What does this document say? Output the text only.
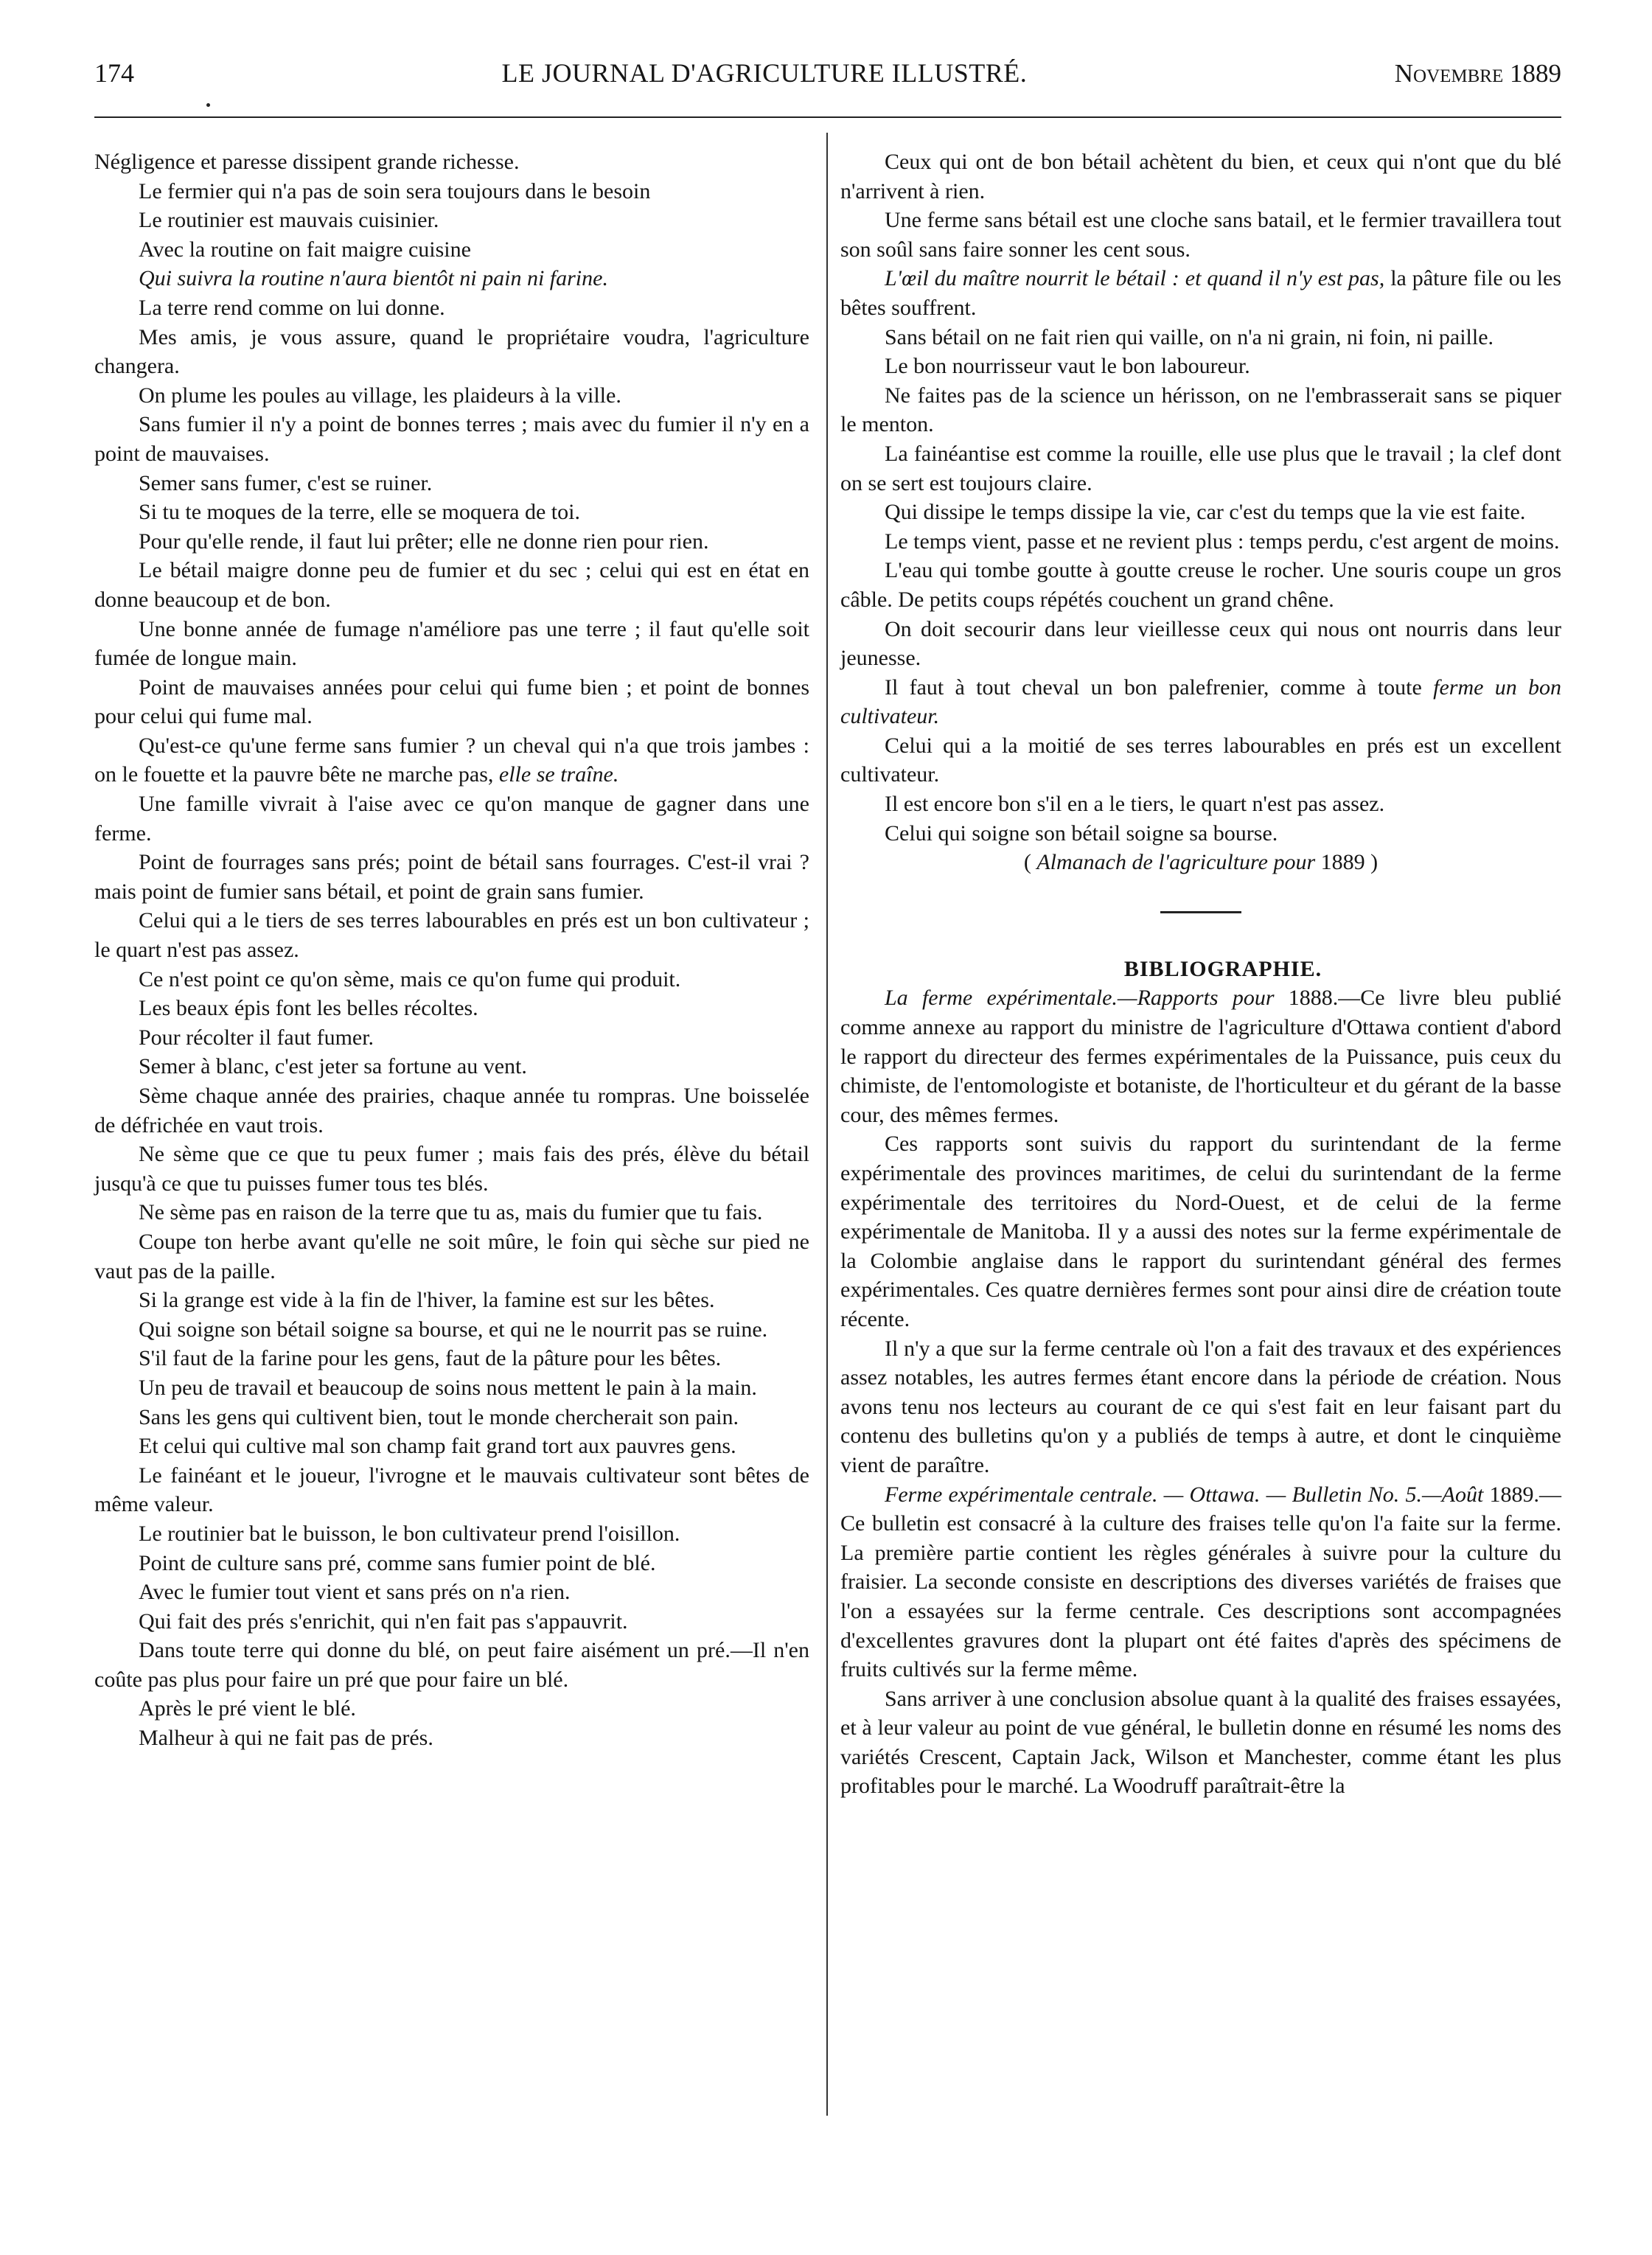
174	LE JOURNAL D'AGRICULTURE ILLUSTRÉ.	Novembre 1889

Négligence et paresse dissipent grande richesse.

Le fermier qui n'a pas de soin sera toujours dans le besoin

Le routinier est mauvais cuisinier.

Avec la routine on fait maigre cuisine

Qui suivra la routine n'aura bientôt ni pain ni farine.

La terre rend comme on lui donne.

Mes amis, je vous assure, quand le propriétaire voudra, l'agriculture changera.

On plume les poules au village, les plaideurs à la ville.

Sans fumier il n'y a point de bonnes terres ; mais avec du fumier il n'y en a point de mauvaises.

Semer sans fumer, c'est se ruiner.

Si tu te moques de la terre, elle se moquera de toi.

Pour qu'elle rende, il faut lui prêter; elle ne donne rien pour rien.

Le bétail maigre donne peu de fumier et du sec ; celui qui est en état en donne beaucoup et de bon.

Une bonne année de fumage n'améliore pas une terre ; il faut qu'elle soit fumée de longue main.

Point de mauvaises années pour celui qui fume bien ; et point de bonnes pour celui qui fume mal.

Qu'est-ce qu'une ferme sans fumier ? un cheval qui n'a que trois jambes : on le fouette et la pauvre bête ne marche pas, elle se traîne.

Une famille vivrait à l'aise avec ce qu'on manque de gagner dans une ferme.

Point de fourrages sans prés; point de bétail sans fourrages. C'est-il vrai ? mais point de fumier sans bétail, et point de grain sans fumier.

Celui qui a le tiers de ses terres labourables en prés est un bon cultivateur ; le quart n'est pas assez.

Ce n'est point ce qu'on sème, mais ce qu'on fume qui produit.

Les beaux épis font les belles récoltes.

Pour récolter il faut fumer.

Semer à blanc, c'est jeter sa fortune au vent.

Sème chaque année des prairies, chaque année tu rompras. Une boisselée de défrichée en vaut trois.

Ne sème que ce que tu peux fumer ; mais fais des prés, élève du bétail jusqu'à ce que tu puisses fumer tous tes blés.

Ne sème pas en raison de la terre que tu as, mais du fumier que tu fais.

Coupe ton herbe avant qu'elle ne soit mûre, le foin qui sèche sur pied ne vaut pas de la paille.

Si la grange est vide à la fin de l'hiver, la famine est sur les bêtes.

Qui soigne son bétail soigne sa bourse, et qui ne le nourrit pas se ruine.

S'il faut de la farine pour les gens, faut de la pâture pour les bêtes.

Un peu de travail et beaucoup de soins nous mettent le pain à la main.

Sans les gens qui cultivent bien, tout le monde chercherait son pain.

Et celui qui cultive mal son champ fait grand tort aux pauvres gens.

Le fainéant et le joueur, l'ivrogne et le mauvais cultivateur sont bêtes de même valeur.

Le routinier bat le buisson, le bon cultivateur prend l'oisillon.

Point de culture sans pré, comme sans fumier point de blé.

Avec le fumier tout vient et sans prés on n'a rien.

Qui fait des prés s'enrichit, qui n'en fait pas s'appauvrit.

Dans toute terre qui donne du blé, on peut faire aisément un pré.—Il n'en coûte pas plus pour faire un pré que pour faire un blé.

Après le pré vient le blé.

Malheur à qui ne fait pas de prés.

Ceux qui ont de bon bétail achètent du bien, et ceux qui n'ont que du blé n'arrivent à rien.

Une ferme sans bétail est une cloche sans batail, et le fermier travaillera tout son soûl sans faire sonner les cent sous.

L'œil du maître nourrit le bétail : et quand il n'y est pas, la pâture file ou les bêtes souffrent.

Sans bétail on ne fait rien qui vaille, on n'a ni grain, ni foin, ni paille.

Le bon nourrisseur vaut le bon laboureur.

Ne faites pas de la science un hérisson, on ne l'embrasserait sans se piquer le menton.

La fainéantise est comme la rouille, elle use plus que le travail ; la clef dont on se sert est toujours claire.

Qui dissipe le temps dissipe la vie, car c'est du temps que la vie est faite.

Le temps vient, passe et ne revient plus : temps perdu, c'est argent de moins.

L'eau qui tombe goutte à goutte creuse le rocher. Une souris coupe un gros câble. De petits coups répétés couchent un grand chêne.

On doit secourir dans leur vieillesse ceux qui nous ont nourris dans leur jeunesse.

Il faut à tout cheval un bon palefrenier, comme à toute ferme un bon cultivateur.

Celui qui a la moitié de ses terres labourables en prés est un excellent cultivateur.

Il est encore bon s'il en a le tiers, le quart n'est pas assez.

Celui qui soigne son bétail soigne sa bourse.

( Almanach de l'agriculture pour 1889 )

BIBLIOGRAPHIE.

La ferme expérimentale.—Rapports pour 1888.—Ce livre bleu publié comme annexe au rapport du ministre de l'agriculture d'Ottawa contient d'abord le rapport du directeur des fermes expérimentales de la Puissance, puis ceux du chimiste, de l'entomologiste et botaniste, de l'horticulteur et du gérant de la basse cour, des mêmes fermes.

Ces rapports sont suivis du rapport du surintendant de la ferme expérimentale des provinces maritimes, de celui du surintendant de la ferme expérimentale des territoires du Nord-Ouest, et de celui de la ferme expérimentale de Manitoba. Il y a aussi des notes sur la ferme expérimentale de la Colombie anglaise dans le rapport du surintendant général des fermes expérimentales. Ces quatre dernières fermes sont pour ainsi dire de création toute récente.

Il n'y a que sur la ferme centrale où l'on a fait des travaux et des expériences assez notables, les autres fermes étant encore dans la période de création. Nous avons tenu nos lecteurs au courant de ce qui s'est fait en leur faisant part du contenu des bulletins qu'on y a publiés de temps à autre, et dont le cinquième vient de paraître.

Ferme expérimentale centrale. — Ottawa. — Bulletin No. 5.—Août 1889.—Ce bulletin est consacré à la culture des fraises telle qu'on l'a faite sur la ferme. La première partie contient les règles générales à suivre pour la culture du fraisier. La seconde consiste en descriptions des diverses variétés de fraises que l'on a essayées sur la ferme centrale. Ces descriptions sont accompagnées d'excellentes gravures dont la plupart ont été faites d'après des spécimens de fruits cultivés sur la ferme même.

Sans arriver à une conclusion absolue quant à la qualité des fraises essayées, et à leur valeur au point de vue général, le bulletin donne en résumé les noms des variétés Crescent, Captain Jack, Wilson et Manchester, comme étant les plus profitables pour le marché. La Woodruff paraîtrait-être la
